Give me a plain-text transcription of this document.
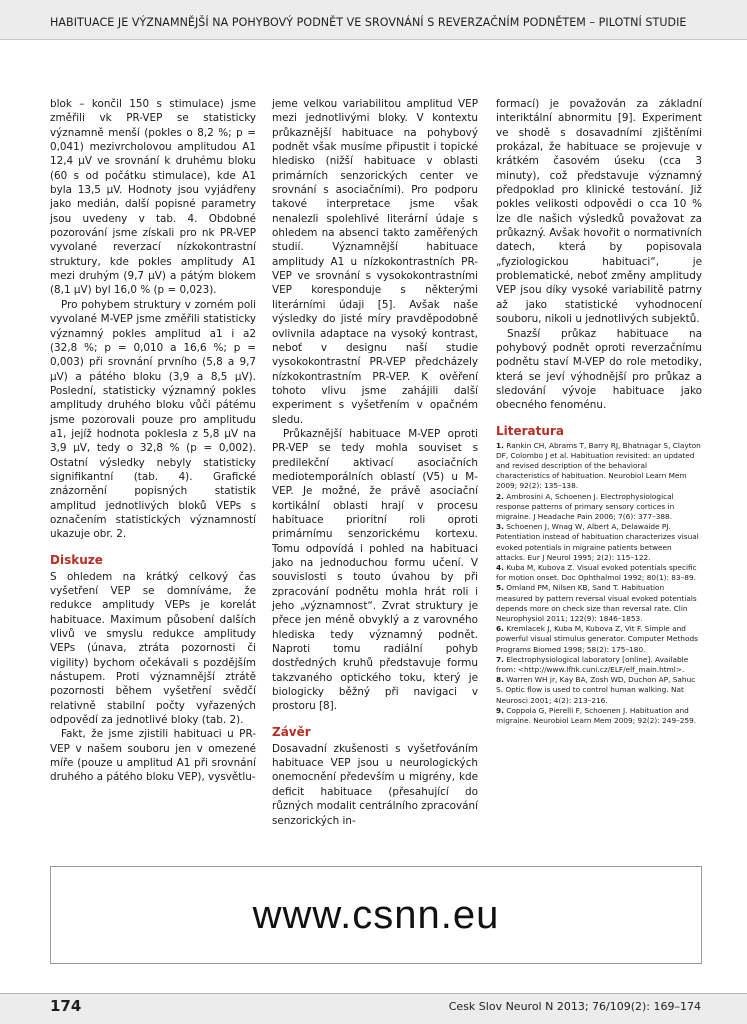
HABITUACE JE VÝZNAMNĚJŠÍ NA POHYBOVÝ PODNĚT VE SROVNÁNÍ S REVERZAČNÍM PODNĚTEM – PILOTNÍ STUDIE

blok – končil 150 s stimulace) jsme změřili vk PR-VEP se statisticky významně menší (pokles o 8,2 %; p = 0,041) mezivrcholovou amplitudou A1 12,4 μV ve srovnání k druhému bloku (60 s od počátku stimulace), kde A1 byla 13,5 μV. Hodnoty jsou vyjádřeny jako medián, další popisné parametry jsou uvedeny v tab. 4. Obdobné pozorování jsme získali pro nk PR-VEP vyvolané reverzací nízkokontrastní struktury, kde pokles amplitudy A1 mezi druhým (9,7 μV) a pátým blokem (8,1 μV) byl 16,0 % (p = 0,023).

Pro pohybem struktury v zorném poli vyvolané M-VEP jsme změřili statisticky významný pokles amplitud a1 i a2 (32,8 %; p = 0,010 a 16,6 %; p = 0,003) při srovnání prvního (5,8 a 9,7 μV) a pátého bloku (3,9 a 8,5 μV). Poslední, statisticky významný pokles amplitudy druhého bloku vůči pátému jsme pozorovali pouze pro amplitudu a1, jejíž hodnota poklesla z 5,8 μV na 3,9 μV, tedy o 32,8 % (p = 0,002). Ostatní výsledky nebyly statisticky signifikantní (tab. 4). Grafické znázornění popisných statistik amplitud jednotlivých bloků VEPs s označením statistických významností ukazuje obr. 2.

Diskuze

S ohledem na krátký celkový čas vyšetření VEP se domníváme, že redukce amplitudy VEPs je korelát habituace. Maximum působení dalších vlivů ve smyslu redukce amplitudy VEPs (únava, ztráta pozornosti či vigility) bychom očekávali s pozdějším nástupem. Proti významnější ztrátě pozornosti během vyšetření svědčí relativně stabilní počty vyřazených odpovědí za jednotlivé bloky (tab. 2).

Fakt, že jsme zjistili habituaci u PR-VEP v našem souboru jen v omezené míře (pouze u amplitud A1 při srovnání druhého a pátého bloku VEP), vysvětlu-

jeme velkou variabilitou amplitud VEP mezi jednotlivými bloky. V kontextu průkaznější habituace na pohybový podnět však musíme připustit i topické hledisko (nižší habituace v oblasti primárních senzorických center ve srovnání s asociačními). Pro podporu takové interpretace jsme však nenalezli spolehlivé literární údaje s ohledem na absenci takto zaměřených studií. Významnější habituace amplitudy A1 u nízkokontrastních PR-VEP ve srovnání s vysokokontrastními VEP koresponduje s některými literárními údaji [5]. Avšak naše výsledky do jisté míry pravděpodobně ovlivnila adaptace na vysoký kontrast, neboť v designu naší studie vysokokontrastní PR-VEP předcházely nízkokontrastním PR-VEP. K ověření tohoto vlivu jsme zahájili další experiment s vyšetřením v opačném sledu.

Průkaznější habituace M-VEP oproti PR-VEP se tedy mohla souviset s predilekční aktivací asociačních mediotemporálních oblastí (V5) u M-VEP. Je možné, že právě asociační kortikální oblasti hrají v procesu habituace prioritní roli oproti primárnímu senzorickému kortexu. Tomu odpovídá i pohled na habituaci jako na jednoduchou formu učení. V souvislosti s touto úvahou by při zpracování podnětu mohla hrát roli i jeho „významnost“. Zvrat struktury je přece jen méně obvyklý a z varovného hlediska tedy významný podnět. Naproti tomu radiální pohyb dostředných kruhů představuje formu takzvaného optického toku, který je biologicky běžný při navigaci v prostoru [8].

Závěr

Dosavadní zkušenosti s vyšetřováním habituace VEP jsou u neurologických onemocnění především u migrény, kde deficit habituace (přesahující do různých modalit centrálního zpracování senzorických in-

formací) je považován za základní interiktální abnormitu [9]. Experiment ve shodě s dosavadními zjištěními prokázal, že habituace se projevuje v krátkém časovém úseku (cca 3 minuty), což představuje významný předpoklad pro klinické testování. Již pokles velikosti odpovědi o cca 10 % lze dle našich výsledků považovat za průkazný. Avšak hovořit o normativních datech, která by popisovala „fyziologickou habituaci“, je problematické, neboť změny amplitudy VEP jsou díky vysoké variabilitě patrny až jako statistické vyhodnocení souboru, nikoli u jednotlivých subjektů.

Snazší průkaz habituace na pohybový podnět oproti reverzačnímu podnětu staví M-VEP do role metodiky, která se jeví výhodnější pro průkaz a sledování vývoje habituace jako obecného fenoménu.

Literatura
1. Rankin CH, Abrams T, Barry RJ, Bhatnagar S, Clayton DF, Colombo J et al. Habituation revisited: an updated and revised description of the behavioral characteristics of habituation. Neurobiol Learn Mem 2009; 92(2): 135–138.
2. Ambrosini A, Schoenen J. Electrophysiological response patterns of primary sensory cortices in migraine. J Headache Pain 2006; 7(6): 377–388.
3. Schoenen J, Wnag W, Albert A, Delawaide PJ. Potentiation instead of habituation characterizes visual evoked potentials in migraine patients between attacks. Eur J Neurol 1995; 2(2): 115–122.
4. Kuba M, Kubova Z. Visual evoked potentials specific for motion onset. Doc Ophthalmol 1992; 80(1): 83–89.
5. Omland PM, Nilsen KB, Sand T. Habituation measured by pattern reversal visual evoked potentials depends more on check size than reversal rate. Clin Neurophysiol 2011; 122(9): 1846–1853.
6. Kremlacek J, Kuba M, Kubova Z, Vit F. Simple and powerful visual stimulus generator. Computer Methods Programs Biomed 1998; 58(2): 175–180.
7. Electrophysiological laboratory [online]. Available from: <http://www.lfhk.cuni.cz/ELF/elf_main.html>.
8. Warren WH jr, Kay BA, Zosh WD, Duchon AP, Sahuc S. Optic flow is used to control human walking. Nat Neurosci 2001; 4(2): 213–216.
9. Coppola G, Pierelli F, Schoenen J. Habituation and migraine. Neurobiol Learn Mem 2009; 92(2): 249–259.
www.csnn.eu
174	Cesk Slov Neurol N 2013; 76/109(2): 169–174
